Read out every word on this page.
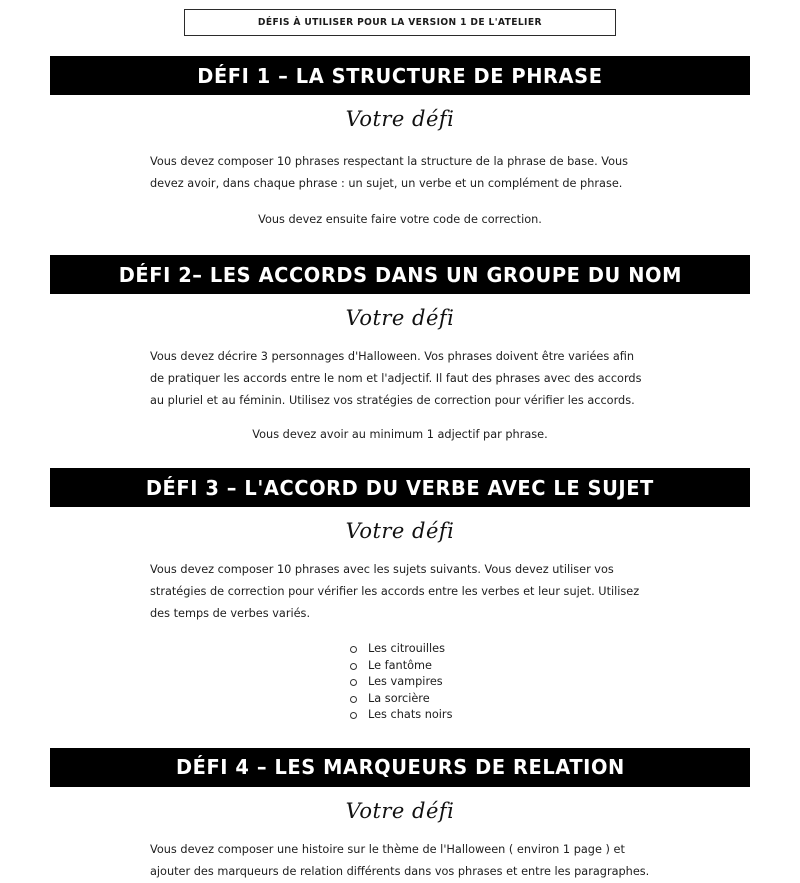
DÉFIS À UTILISER POUR LA VERSION 1 DE L'ATELIER
DÉFI 1 – LA STRUCTURE DE PHRASE
Votre défi

Vous devez composer 10 phrases respectant la structure de la phrase de base. Vous devez avoir, dans chaque phrase : un sujet, un verbe et un complément de phrase.

Vous devez ensuite faire votre code de correction.

DÉFI 2– LES ACCORDS DANS UN GROUPE DU NOM
Votre défi

Vous devez décrire 3 personnages d'Halloween. Vos phrases doivent être variées afin de pratiquer les accords entre le nom et l'adjectif. Il faut des phrases avec des accords au pluriel et au féminin. Utilisez vos stratégies de correction pour vérifier les accords.

Vous devez avoir au minimum 1 adjectif par phrase.

DÉFI 3 – L'ACCORD DU VERBE AVEC LE SUJET
Votre défi

Vous devez composer 10 phrases avec les sujets suivants. Vous devez utiliser vos stratégies de correction pour vérifier les accords entre les verbes et leur sujet. Utilisez des temps de verbes variés.

Les citrouilles
Le fantôme
Les vampires
La sorcière
Les chats noirs
DÉFI 4 – LES MARQUEURS DE RELATION
Votre défi

Vous devez composer une histoire sur le thème de l'Halloween ( environ 1 page ) et ajouter des marqueurs de relation différents dans vos phrases et entre les paragraphes.
